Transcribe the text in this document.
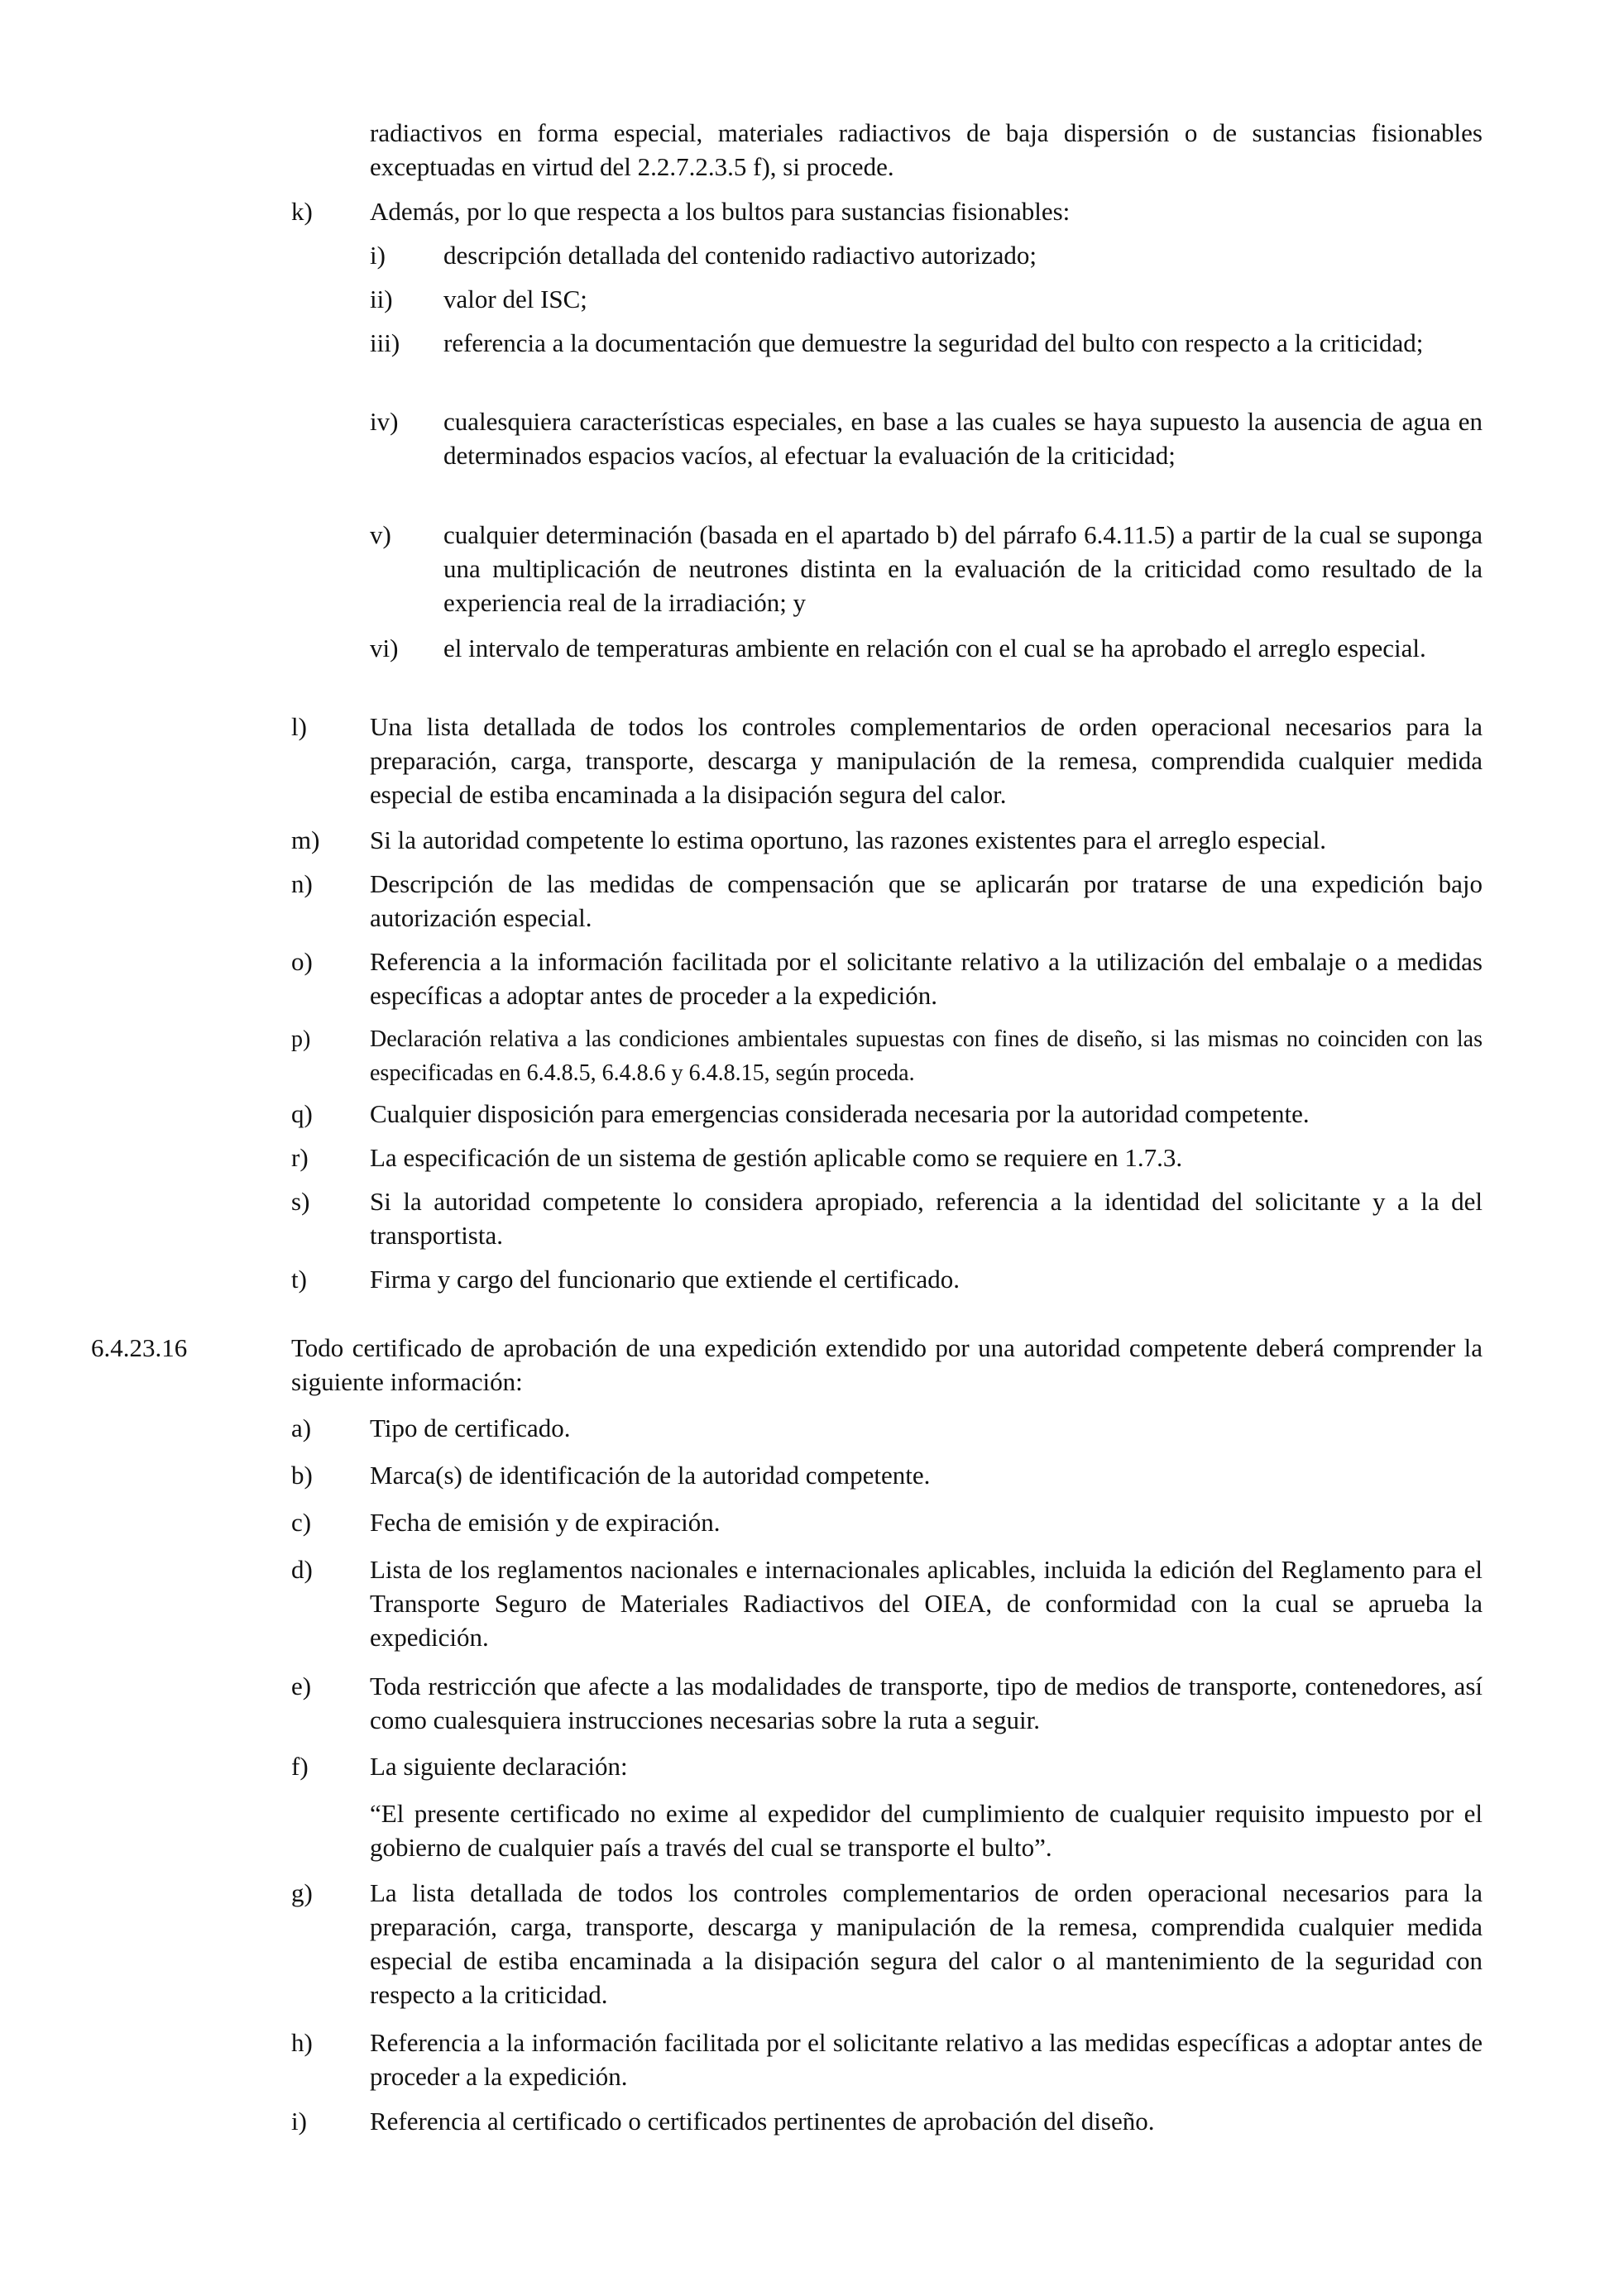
radiactivos en forma especial, materiales radiactivos de baja dispersión o de sustancias fisionables exceptuadas en virtud del 2.2.7.2.3.5 f), si procede.
k) Además, por lo que respecta a los bultos para sustancias fisionables:
i) descripción detallada del contenido radiactivo autorizado;
ii) valor del ISC;
iii) referencia a la documentación que demuestre la seguridad del bulto con respecto a la criticidad;
iv) cualesquiera características especiales, en base a las cuales se haya supuesto la ausencia de agua en determinados espacios vacíos, al efectuar la evaluación de la criticidad;
v) cualquier determinación (basada en el apartado b) del párrafo 6.4.11.5) a partir de la cual se suponga una multiplicación de neutrones distinta en la evaluación de la criticidad como resultado de la experiencia real de la irradiación; y
vi) el intervalo de temperaturas ambiente en relación con el cual se ha aprobado el arreglo especial.
l) Una lista detallada de todos los controles complementarios de orden operacional necesarios para la preparación, carga, transporte, descarga y manipulación de la remesa, comprendida cualquier medida especial de estiba encaminada a la disipación segura del calor.
m) Si la autoridad competente lo estima oportuno, las razones existentes para el arreglo especial.
n) Descripción de las medidas de compensación que se aplicarán por tratarse de una expedición bajo autorización especial.
o) Referencia a la información facilitada por el solicitante relativo a la utilización del embalaje o a medidas específicas a adoptar antes de proceder a la expedición.
p)	Declaración relativa a las condiciones ambientales supuestas con fines de diseño, si las mismas no coinciden con las especificadas en 6.4.8.5, 6.4.8.6 y 6.4.8.15, según proceda.
q) Cualquier disposición para emergencias considerada necesaria por la autoridad competente.
r) La especificación de un sistema de gestión aplicable como se requiere en 1.7.3.
s) Si la autoridad competente lo considera apropiado, referencia a la identidad del solicitante y a la del transportista.
t) Firma y cargo del funcionario que extiende el certificado.
6.4.23.16	Todo certificado de aprobación de una expedición extendido por una autoridad competente deberá comprender la siguiente información:
a) Tipo de certificado.
b) Marca(s) de identificación de la autoridad competente.
c) Fecha de emisión y de expiración.
d) Lista de los reglamentos nacionales e internacionales aplicables, incluida la edición del Reglamento para el Transporte Seguro de Materiales Radiactivos del OIEA, de conformidad con la cual se aprueba la expedición.
e) Toda restricción que afecte a las modalidades de transporte, tipo de medios de transporte, contenedores, así como cualesquiera instrucciones necesarias sobre la ruta a seguir.
f) La siguiente declaración:
“El presente certificado no exime al expedidor del cumplimiento de cualquier requisito impuesto por el gobierno de cualquier país a través del cual se transporte el bulto”.
g) La lista detallada de todos los controles complementarios de orden operacional necesarios para la preparación, carga, transporte, descarga y manipulación de la remesa, comprendida cualquier medida especial de estiba encaminada a la disipación segura del calor o al mantenimiento de la seguridad con respecto a la criticidad.
h) Referencia a la información facilitada por el solicitante relativo a las medidas específicas a adoptar antes de proceder a la expedición.
i) Referencia al certificado o certificados pertinentes de aprobación del diseño.
